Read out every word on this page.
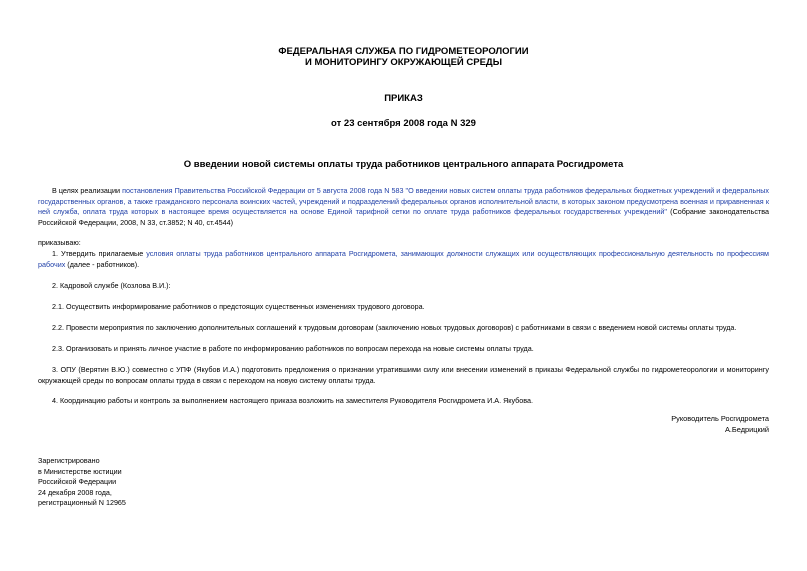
ФЕДЕРАЛЬНАЯ СЛУЖБА ПО ГИДРОМЕТЕОРОЛОГИИ
И МОНИТОРИНГУ ОКРУЖАЮЩЕЙ СРЕДЫ
ПРИКАЗ
от 23 сентября 2008 года N 329
О введении новой системы оплаты труда работников центрального аппарата Росгидромета
В целях реализации постановления Правительства Российской Федерации от 5 августа 2008 года N 583 "О введении новых систем оплаты труда работников федеральных бюджетных учреждений и федеральных государственных органов, а также гражданского персонала воинских частей, учреждений и подразделений федеральных органов исполнительной власти, в которых законом предусмотрена военная и приравненная к ней служба, оплата труда которых в настоящее время осуществляется на основе Единой тарифной сетки по оплате труда работников федеральных государственных учреждений" (Собрание законодательства Российской Федерации, 2008, N 33, ст.3852; N 40, ст.4544)
приказываю:
1. Утвердить прилагаемые условия оплаты труда работников центрального аппарата Росгидромета, занимающих должности служащих или осуществляющих профессиональную деятельность по профессиям рабочих (далее - работников).
2. Кадровой службе (Козлова В.И.):
2.1. Осуществить информирование работников о предстоящих существенных изменениях трудового договора.
2.2. Провести мероприятия по заключению дополнительных соглашений к трудовым договорам (заключению новых трудовых договоров) с работниками в связи с введением новой системы оплаты труда.
2.3. Организовать и принять личное участие в работе по информированию работников по вопросам перехода на новые системы оплаты труда.
3. ОПУ (Верятин В.Ю.) совместно с УПФ (Якубов И.А.) подготовить предложения о признании утратившими силу или внесении изменений в приказы Федеральной службы по гидрометеорологии и мониторингу окружающей среды по вопросам оплаты труда в связи с переходом на новую систему оплаты труда.
4. Координацию работы и контроль за выполнением настоящего приказа возложить на заместителя Руководителя Росгидромета И.А. Якубова.
Руководитель Росгидромета
А.Бедрицкий
Зарегистрировано
в Министерстве юстиции
Российской Федерации
24 декабря 2008 года,
регистрационный N 12965
